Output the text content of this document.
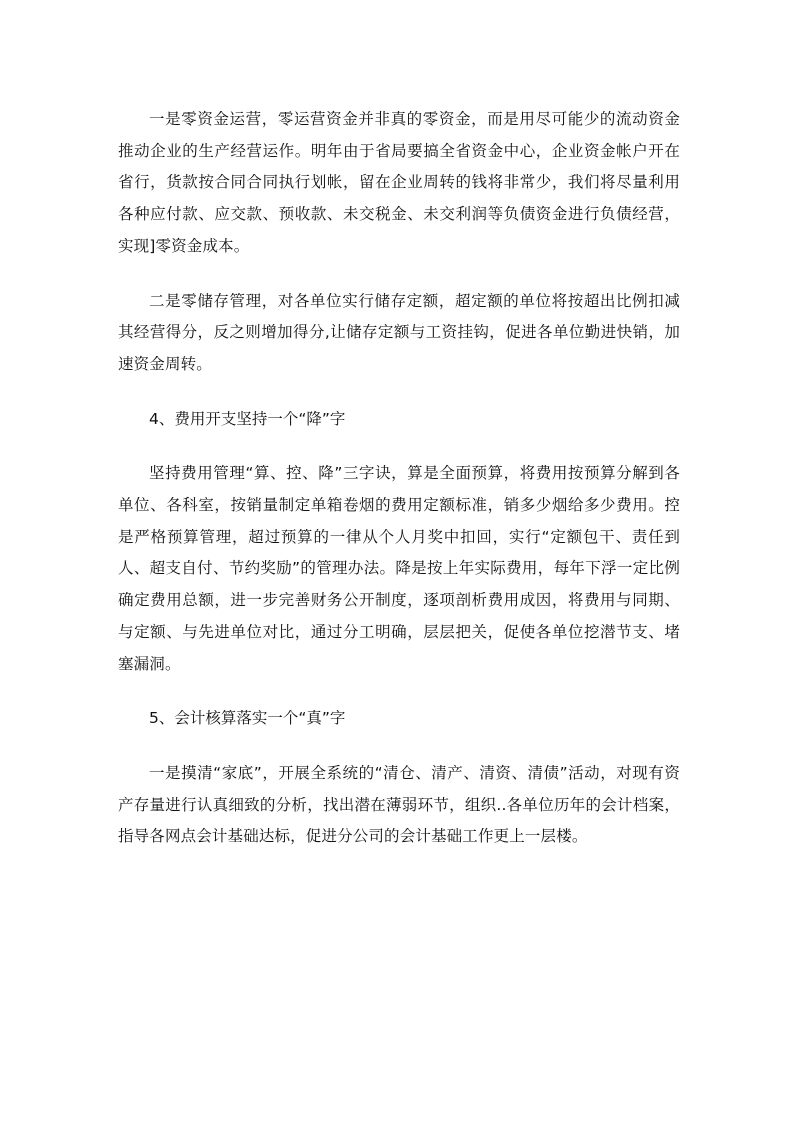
一是零资金运营，零运营资金并非真的零资金，而是用尽可能少的流动资金推动企业的生产经营运作。明年由于省局要搞全省资金中心，企业资金帐户开在省行，货款按合同合同执行划帐，留在企业周转的钱将非常少，我们将尽量利用各种应付款、应交款、预收款、未交税金、未交利润等负债资金进行负债经营，实现]零资金成本。

二是零储存管理，对各单位实行储存定额，超定额的单位将按超出比例扣减其经营得分，反之则增加得分,让储存定额与工资挂钩，促进各单位勤进快销，加速资金周转。

4、费用开支坚持一个“降”字

坚持费用管理“算、控、降”三字诀，算是全面预算，将费用按预算分解到各单位、各科室，按销量制定单箱卷烟的费用定额标准，销多少烟给多少费用。控是严格预算管理，超过预算的一律从个人月奖中扣回，实行“定额包干、责任到人、超支自付、节约奖励”的管理办法。降是按上年实际费用，每年下浮一定比例确定费用总额，进一步完善财务公开制度，逐项剖析费用成因，将费用与同期、与定额、与先进单位对比，通过分工明确，层层把关，促使各单位挖潜节支、堵塞漏洞。

5、会计核算落实一个“真”字

一是摸清“家底”，开展全系统的“清仓、清产、清资、清债”活动，对现有资产存量进行认真细致的分析，找出潜在薄弱环节，组织..各单位历年的会计档案，指导各网点会计基础达标，促进分公司的会计基础工作更上一层楼。
